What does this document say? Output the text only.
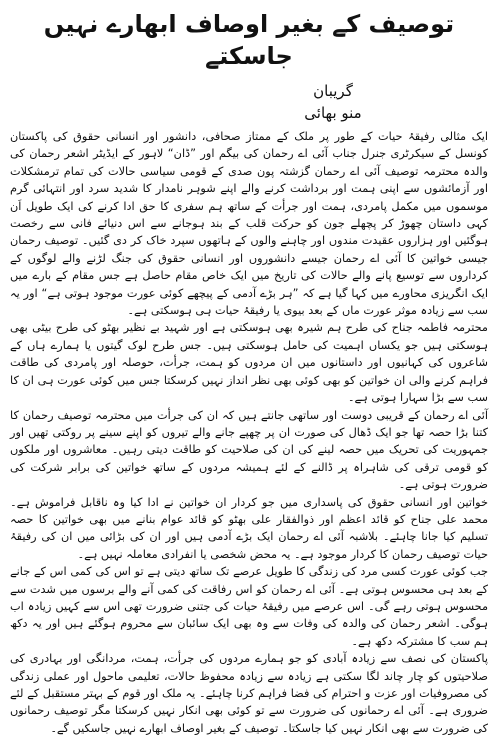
توصیف کے بغیر اوصاف ابھارے نہیں جاسکتے
گریبان
منو بھائی

ایک مثالی رفیقۂ حیات کے طور پر ملک کے ممتاز صحافی، دانشور اور انسانی حقوق کی پاکستان کونسل کے سیکرٹری جنرل جناب آئی اے رحمان کی بیگم اور ”ڈان“ لاہور کے ایڈیٹر اشعر رحمان کی والدہ محترمہ توصیف آئی اے رحمان گزشتہ پون صدی کے قومی سیاسی حالات کی تمام ترمشکلات اور آزمائشوں سے اپنی ہمت اور برداشت کرنے والے اپنے شوہر نامدار کا شدید سرد اور انتہائی گرم موسموں میں مکمل پامردی، ہمت اور جرأت کے ساتھ ہم سفری کا حق ادا کرنے کی ایک طویل اَن کہی داستان چھوڑ کر پچھلے جون کو حرکت قلب کے بند ہوجانے سے اس دنیائے فانی سے رخصت ہوگئیں اور ہزاروں عقیدت مندوں اور چاہنے والوں کے ہاتھوں سپرد خاک کر دی گئیں۔ توصیف رحمان جیسی خواتین کا آئی اے رحمان جیسے دانشوروں اور انسانی حقوق کی جنگ لڑنے والے لوگوں کے کرداروں سے توسیع پانے والے حالات کی تاریخ میں ایک خاص مقام حاصل ہے جس مقام کے بارے میں ایک انگریزی محاورے میں کہا گیا ہے کہ ”ہر بڑے آدمی کے پیچھے کوئی عورت موجود ہوتی ہے“ اور یہ سب سے زیادہ موثر عورت ماں کے بعد بیوی یا رفیقۂ حیات ہی ہوسکتی ہے۔

محترمہ فاطمہ جناح کی طرح ہم شیرہ بھی ہوسکتی ہے اور شہید بے نظیر بھٹو کی طرح بیٹی بھی ہوسکتی ہیں جو یکساں اہمیت کی حامل ہوسکتی ہیں۔ جس طرح لوک گیتوں یا ہمارے ہاں کے شاعروں کی کہانیوں اور داستانوں میں ان مردوں کو ہمت، جرأت، حوصلہ اور پامردی کی طاقت فراہم کرنے والی ان خواتین کو بھی کوئی بھی نظر انداز نہیں کرسکتا جس میں کوئی عورت ہی ان کا سب سے بڑا سہارا ہوتی ہے۔

آئی اے رحمان کے قریبی دوست اور ساتھی جانتے ہیں کہ ان کی جرأت میں محترمہ توصیف رحمان کا کتنا بڑا حصہ تھا جو ایک ڈھال کی صورت ان پر چھپے جانے والے تیروں کو اپنے سینے پر روکتی تھیں اور جمہوریت کی تحریک میں حصہ لینے کی ان کی صلاحیت کو طاقت دیتی رہیں۔ معاشروں اور ملکوں کو قومی ترقی کی شاہراہ پر ڈالنے کے لئے ہمیشہ مردوں کے ساتھ خواتین کی برابر شرکت کی ضرورت ہوتی ہے۔

خواتین اور انسانی حقوق کی پاسداری میں جو کردار ان خواتین نے ادا کیا وہ ناقابل فراموش ہے۔ محمد علی جناح کو قائد اعظم اور ذوالفقار علی بھٹو کو قائد عوام بنانے میں بھی خواتین کا حصہ تسلیم کیا جانا چاہئے۔ بلاشبہ آئی اے رحمان ایک بڑے آدمی ہیں اور ان کی بڑائی میں ان کی رفیقۂ حیات توصیف رحمان کا کردار موجود ہے۔ یہ محض شخصی یا انفرادی معاملہ نہیں ہے۔

جب کوئی عورت کسی مرد کی زندگی کا طویل عرصے تک ساتھ دیتی ہے تو اس کی کمی اس کے جانے کے بعد ہی محسوس ہوتی ہے۔ آئی اے رحمان کو اس رفاقت کی کمی آنے والے برسوں میں شدت سے محسوس ہوتی رہے گی۔ اس عرصے میں رفیقۂ حیات کی جتنی ضرورت تھی اس سے کہیں زیادہ اب ہوگی۔ اشعر رحمان کی والدہ کی وفات سے وہ بھی ایک سائبان سے محروم ہوگئے ہیں اور یہ دکھ ہم سب کا مشترکہ دکھ ہے۔

پاکستان کی نصف سے زیادہ آبادی کو جو ہمارے مردوں کی جرأت، ہمت، مردانگی اور بہادری کی صلاحیتوں کو چار چاند لگا سکتی ہے زیادہ سے زیادہ محفوظ حالات، تعلیمی ماحول اور عملی زندگی کی مصروفیات اور عزت و احترام کی فضا فراہم کرنا چاہئے۔ یہ ملک اور قوم کے بہتر مستقبل کے لئے ضروری ہے۔ آئی اے رحمانوں کی ضرورت سے تو کوئی بھی انکار نہیں کرسکتا مگر توصیف رحمانوں کی ضرورت سے بھی انکار نہیں کیا جاسکتا۔ توصیف کے بغیر اوصاف ابھارے نہیں جاسکیں گے۔
